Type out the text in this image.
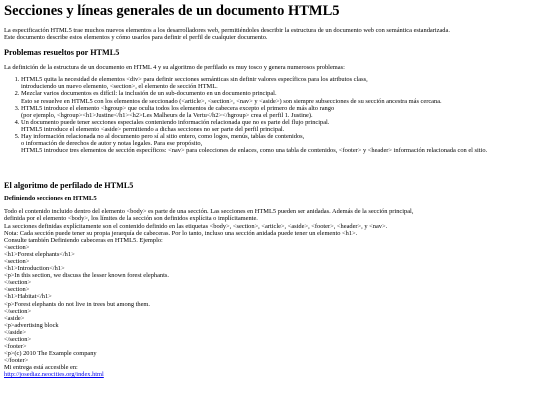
Secciones y líneas generales de un documento HTML5

La especificación HTML5 trae muchos nuevos elementos a los desarrolladores web, permitiéndoles describir la estructura de un documento web con semántica estandarizada.

Este documento describe estos elementos y cómo usarlos para definir el perfil de cualquier documento.

Problemas resueltos por HTML5

La definición de la estructura de un documento en HTML 4 y su algoritmo de perfilado es muy tosco y genera numerosos problemas:

1. HTML5 quita la necesidad de elementos <div> para definir secciones semánticas sin definir valores específicos para los atributos class,
introduciendo un nuevo elemento, <section>, el elemento de sección HTML.
2. Mezclar varios documentos es difícil: la inclusión de un sub-documento en un documento principal.
Esto se resuelve en HTML5 con los elementos de seccionado (<article>, <section>, <nav> y <aside>) son siempre subsecciones de su sección ancestra más cercana.
3. HTML5 introduce el elemento <hgroup> que oculta todos los elementos de cabecera excepto el primero de más alto rango
(por ejemplo, <hgroup><h1>Justine</h1><h2>Les Malheurs de la Vertu</h2></hgroup> crea el perfil 1. Justine).
4. Un documento puede tener secciones especiales conteniendo información relacionada que no es parte del flujo principal.
HTML5 introduce el elemento <aside> permitiendo a dichas secciones no ser parte del perfil principal.
5. Hay información relacionada no al documento pero sí al sitio entero, como logos, menús, tablas de contenidos,
o información de derechos de autor y notas legales. Para ese propósito,
HTML5 introduce tres elementos de sección específicos: <nav> para colecciones de enlaces, como una tabla de contenidos, <footer> y <header> información relacionada con el sitio.
El algoritmo de perfilado de HTML5
Definiendo secciones en HTML5

Todo el contenido incluido dentro del elemento <body> es parte de una sección. Las secciones en HTML5 pueden ser anidadas. Además de la sección principal,

definida por el elemento <body>, los límites de la sección son definidos explícita o implícitamente.

La secciones definidas explícitamente son el contenido definido en las etiquetas <body>, <section>, <article>, <aside>, <footer>, <header>, y <nav>.

Nota: Cada sección puede tener su propia jerarquía de cabeceras. Por lo tanto, incluso una sección anidada puede tener un elemento <h1>.

Consulte también Definiendo cabeceras en HTML5. Ejemplo:

<section>
<h1>Forest elephants</h1>
<section>
<h1>Introduction</h1>
<p>In this section, we discuss the lesser known forest elephants.
</section>
<section>
<h1>Habitat</h1>
<p>Forest elephants do not live in trees but among them.
</section>
<aside>
<p>advertising block
</aside>
</section>
<footer>
<p>(c) 2010 The Example company
</footer>

Mi entrega está accesible en:

http://josediaz.neocities.org/index.html
